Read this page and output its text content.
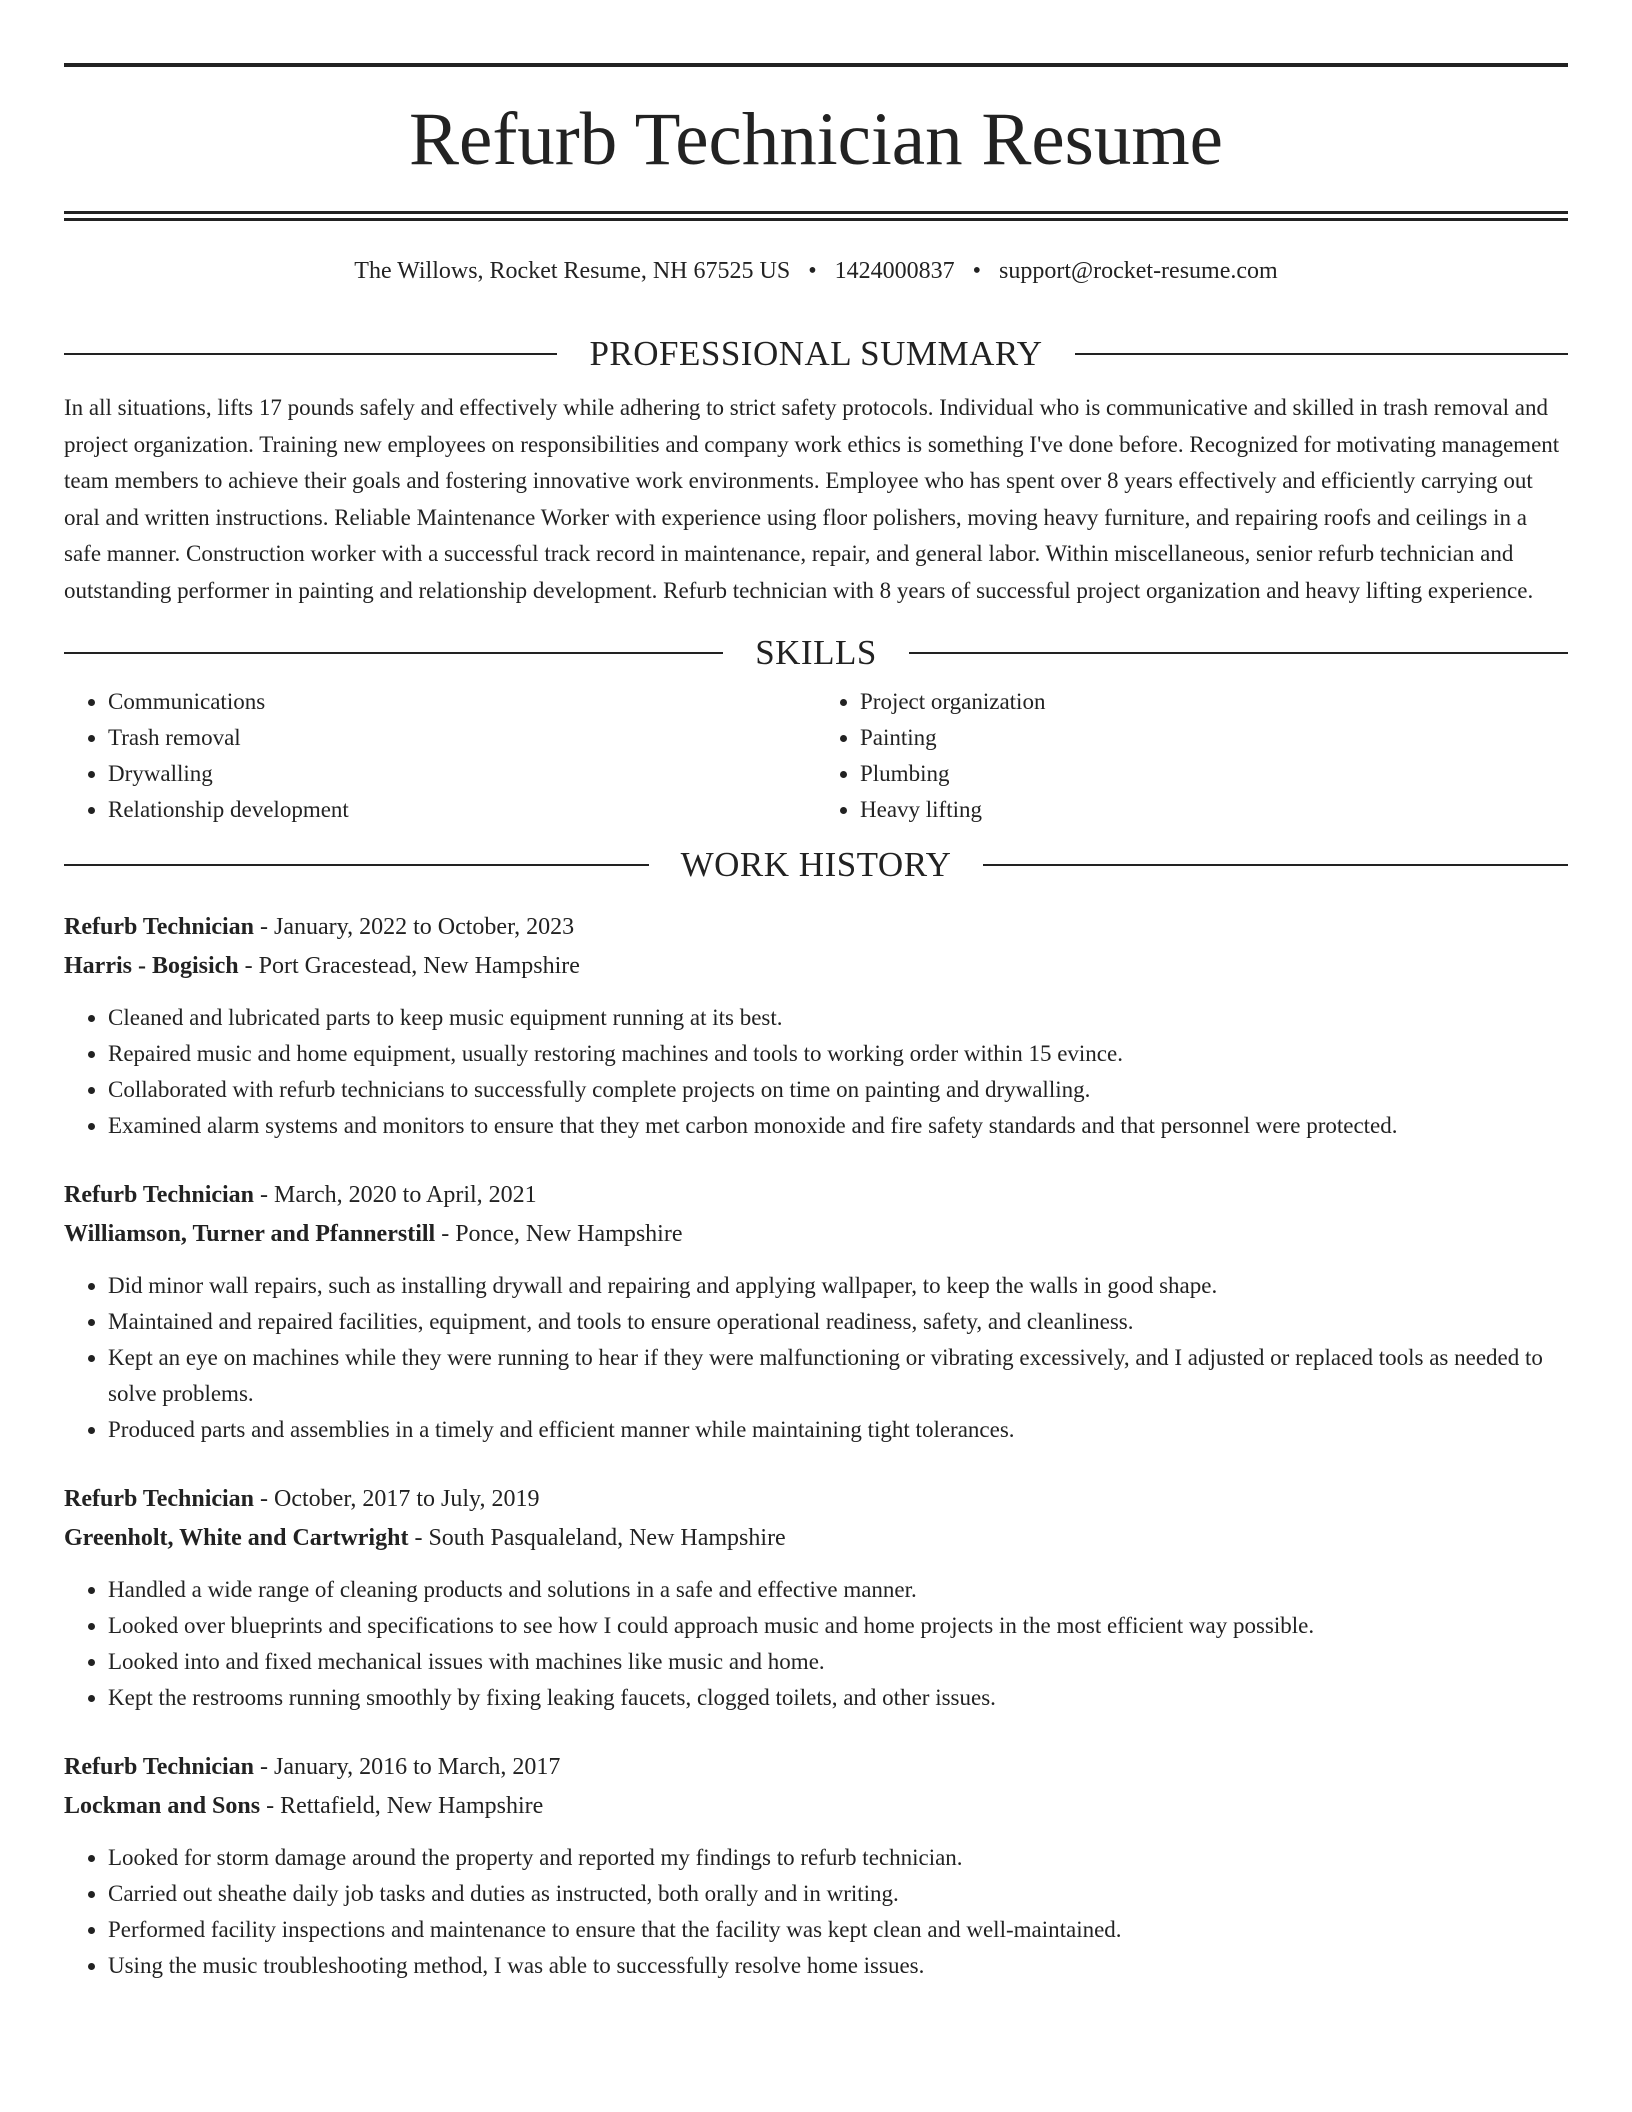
Refurb Technician Resume
The Willows, Rocket Resume, NH 67525 US • 1424000837 • support@rocket-resume.com
PROFESSIONAL SUMMARY

In all situations, lifts 17 pounds safely and effectively while adhering to strict safety protocols. Individual who is communicative and skilled in trash removal and project organization. Training new employees on responsibilities and company work ethics is something I've done before. Recognized for motivating management team members to achieve their goals and fostering innovative work environments. Employee who has spent over 8 years effectively and efficiently carrying out oral and written instructions. Reliable Maintenance Worker with experience using floor polishers, moving heavy furniture, and repairing roofs and ceilings in a safe manner. Construction worker with a successful track record in maintenance, repair, and general labor. Within miscellaneous, senior refurb technician and outstanding performer in painting and relationship development. Refurb technician with 8 years of successful project organization and heavy lifting experience.

SKILLS
• Communications
• Trash removal
• Drywalling
• Relationship development
• Project organization
• Painting
• Plumbing
• Heavy lifting
WORK HISTORY
Refurb Technician - January, 2022 to October, 2023
Harris - Bogisich - Port Gracestead, New Hampshire
• Cleaned and lubricated parts to keep music equipment running at its best.
• Repaired music and home equipment, usually restoring machines and tools to working order within 15 evince.
• Collaborated with refurb technicians to successfully complete projects on time on painting and drywalling.
• Examined alarm systems and monitors to ensure that they met carbon monoxide and fire safety standards and that personnel were protected.
Refurb Technician - March, 2020 to April, 2021
Williamson, Turner and Pfannerstill - Ponce, New Hampshire
• Did minor wall repairs, such as installing drywall and repairing and applying wallpaper, to keep the walls in good shape.
• Maintained and repaired facilities, equipment, and tools to ensure operational readiness, safety, and cleanliness.
• Kept an eye on machines while they were running to hear if they were malfunctioning or vibrating excessively, and I adjusted or replaced tools as needed to solve problems.
• Produced parts and assemblies in a timely and efficient manner while maintaining tight tolerances.
Refurb Technician - October, 2017 to July, 2019
Greenholt, White and Cartwright - South Pasqualeland, New Hampshire
• Handled a wide range of cleaning products and solutions in a safe and effective manner.
• Looked over blueprints and specifications to see how I could approach music and home projects in the most efficient way possible.
• Looked into and fixed mechanical issues with machines like music and home.
• Kept the restrooms running smoothly by fixing leaking faucets, clogged toilets, and other issues.
Refurb Technician - January, 2016 to March, 2017
Lockman and Sons - Rettafield, New Hampshire
• Looked for storm damage around the property and reported my findings to refurb technician.
• Carried out sheathe daily job tasks and duties as instructed, both orally and in writing.
• Performed facility inspections and maintenance to ensure that the facility was kept clean and well-maintained.
• Using the music troubleshooting method, I was able to successfully resolve home issues.
